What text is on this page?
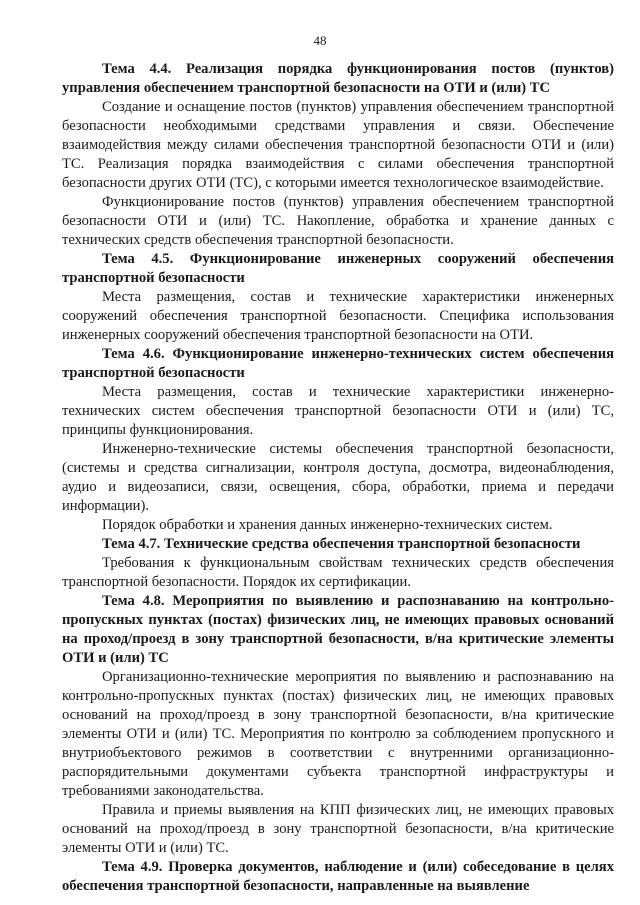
48

Тема 4.4. Реализация порядка функционирования постов (пунктов) управления обеспечением транспортной безопасности на ОТИ и (или) ТС

Создание и оснащение постов (пунктов) управления обеспечением транспортной безопасности необходимыми средствами управления и связи. Обеспечение взаимодействия между силами обеспечения транспортной безопасности ОТИ и (или) ТС. Реализация порядка взаимодействия с силами обеспечения транспортной безопасности других ОТИ (ТС), с которыми имеется технологическое взаимодействие.

Функционирование постов (пунктов) управления обеспечением транспортной безопасности ОТИ и (или) ТС. Накопление, обработка и хранение данных с технических средств обеспечения транспортной безопасности.

Тема 4.5. Функционирование инженерных сооружений обеспечения транспортной безопасности

Места размещения, состав и технические характеристики инженерных сооружений обеспечения транспортной безопасности. Специфика использования инженерных сооружений обеспечения транспортной безопасности на ОТИ.

Тема 4.6. Функционирование инженерно-технических систем обеспечения транспортной безопасности

Места размещения, состав и технические характеристики инженерно-технических систем обеспечения транспортной безопасности ОТИ и (или) ТС, принципы функционирования.

Инженерно-технические системы обеспечения транспортной безопасности, (системы и средства сигнализации, контроля доступа, досмотра, видеонаблюдения, аудио и видеозаписи, связи, освещения, сбора, обработки, приема и передачи информации).

Порядок обработки и хранения данных инженерно-технических систем.

Тема 4.7. Технические средства обеспечения транспортной безопасности

Требования к функциональным свойствам технических средств обеспечения транспортной безопасности. Порядок их сертификации.

Тема 4.8. Мероприятия по выявлению и распознаванию на контрольно-пропускных пунктах (постах) физических лиц, не имеющих правовых оснований на проход/проезд в зону транспортной безопасности, в/на критические элементы ОТИ и (или) ТС

Организационно-технические мероприятия по выявлению и распознаванию на контрольно-пропускных пунктах (постах) физических лиц, не имеющих правовых оснований на проход/проезд в зону транспортной безопасности, в/на критические элементы ОТИ и (или) ТС. Мероприятия по контролю за соблюдением пропускного и внутриобъектового режимов в соответствии с внутренними организационно-распорядительными документами субъекта транспортной инфраструктуры и требованиями законодательства.

Правила и приемы выявления на КПП физических лиц, не имеющих правовых оснований на проход/проезд в зону транспортной безопасности, в/на критические элементы ОТИ и (или) ТС.

Тема 4.9. Проверка документов, наблюдение и (или) собеседование в целях обеспечения транспортной безопасности, направленные на выявление
